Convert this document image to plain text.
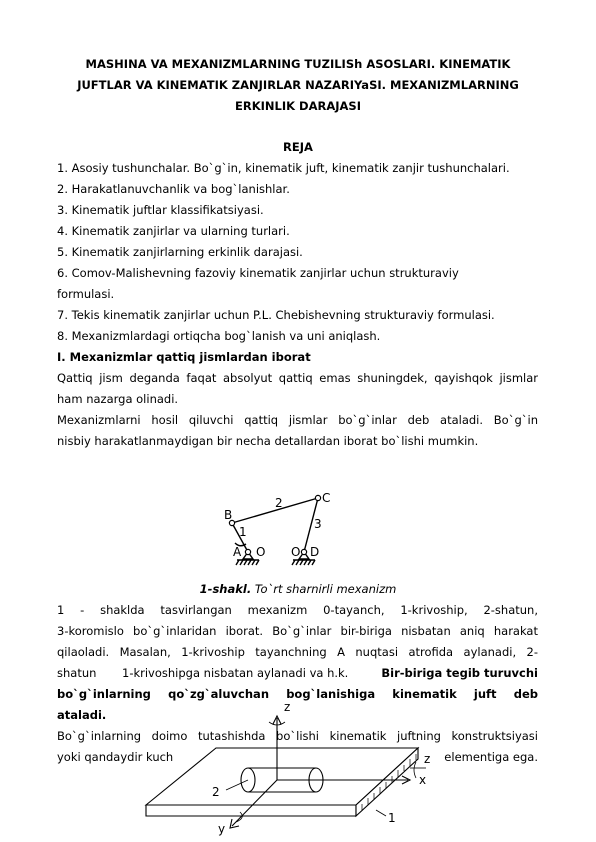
MASHINA VA MEXANIZMLARNING TUZILISh ASOSLARI. KINEMATIK
JUFTLAR VA KINEMATIK ZANJIRLAR NAZARIYaSI. MEXANIZMLARNING
ERKINLIK DARAJASI
REJA
1. Asosiy tushunchalar. Bo`g`in, kinematik juft, kinematik zanjir tushunchalari.
2. Harakatlanuvchanlik va bog`lanishlar.
3. Kinematik juftlar klassifikatsiyasi.
4. Kinematik zanjirlar va ularning turlari.
5. Kinematik zanjirlarning erkinlik darajasi.
6. Comov-Malishevning fazoviy kinematik zanjirlar uchun strukturaviy
formulasi.
7. Tekis kinematik zanjirlar uchun P.L. Chebishevning strukturaviy formulasi.
8. Mexanizmlardagi ortiqcha bog`lanish va uni aniqlash.
I. Mexanizmlar qattiq jismlardan iborat
Qattiq jism deganda faqat absolyut qattiq emas shuningdek, qayishqok jismlar
ham nazarga olinadi.
Mexanizmlarni hosil qiluvchi qattiq jismlar bo`g`inlar deb ataladi. Bo`g`in
nisbiy harakatlanmaydigan bir necha detallardan iborat bo`lishi mumkin.
B
C
2
3
1
A O O D
1-shakl. To`rt sharnirli mexanizm
1 - shaklda tasvirlangan mexanizm 0-tayanch, 1-krivoship, 2-shatun,
3-koromislo bo`g`inlaridan iborat. Bo`g`inlar bir-biriga nisbatan aniq harakat
qilaoladi. Masalan, 1-krivoship tayanchning A nuqtasi atrofida aylanadi, 2-
shatun       1-krivoshipga nisbatan aylanadi va h.k.	Bir-biriga tegib turuvchi
bo`g`inlarning qo`zg`aluvchan bog`lanishiga kinematik juft deb
ataladi.
Bo`g`inlarning doimo tutashishda bo`lishi kinematik juftning konstruktsiyasi
yoki qandaydir kuch	elementiga ega.
z
x
y
z
2
1
